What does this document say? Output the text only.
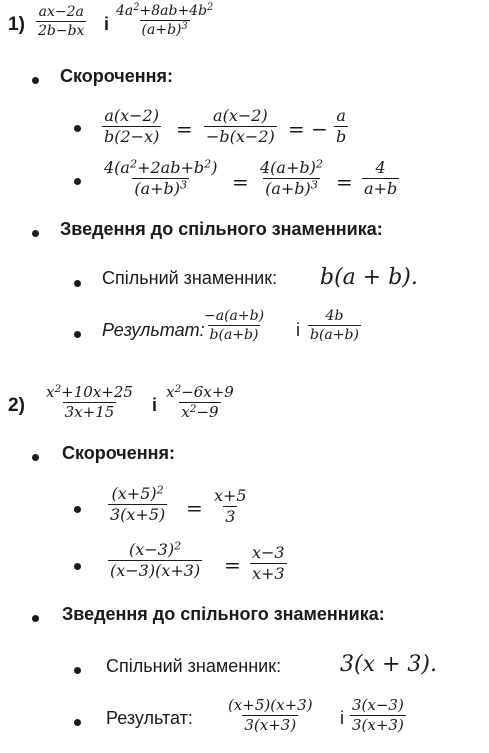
$1) \frac{ax-2a}{2b-bx}$ і $\frac{4a^2+8ab+4b^2}{(a+b)^3}$
Скорочення:
$\frac{a(x-2)}{b(2-x)} = \frac{a(x-2)}{-b(x-2)}$ = − $\frac{a}{b}$
$\frac{4(a^2+2ab+b^2)}{(a+b)^3} = \frac{4(a+b)^2}{(a+b)^3} = \frac{4}{a+b}$
Зведення до спільного знаменника:
Спільний знаменник: b(a + b).
Результат:
$\frac{-a(a+b)}{b(a+b)}$ і $\frac{4b}{b(a+b)}$
$2) \frac{x^2+10x+25}{3x+15}$ і $\frac{x^2-6x+9}{x^2-9}$
Скорочення:
$\frac{(x+5)^2}{3(x+5)} = \frac{x+5}{3}$
$\frac{(x-3)^2}{(x-3)(x+3)} = \frac{x-3}{x+3}$
Зведення до спільного знаменника:
Спільний знаменник:	3(x + 3).
Результат: $\frac{(x+5)(x+3)}{3(x+3)}$ і $\frac{3(x-3)}{3(x+3)}$
